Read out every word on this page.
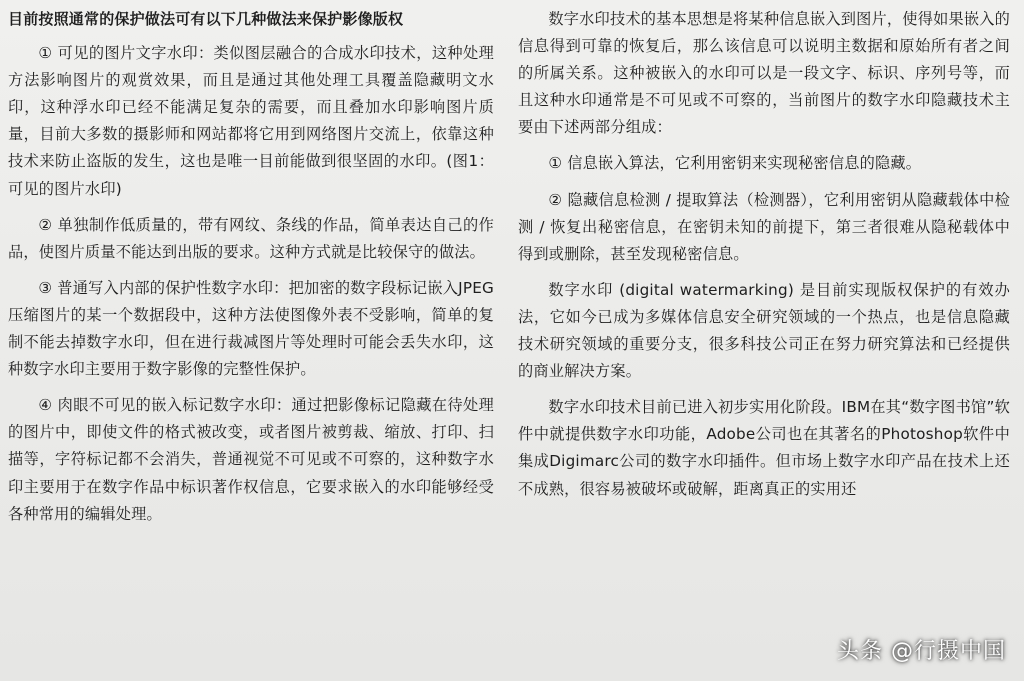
目前按照通常的保护做法可有以下几种做法来保护影像版权

① 可见的图片文字水印：类似图层融合的合成水印技术，这种处理方法影响图片的观赏效果，而且是通过其他处理工具覆盖隐藏明文水印，这种浮水印已经不能满足复杂的需要，而且叠加水印影响图片质量，目前大多数的摄影师和网站都将它用到网络图片交流上，依靠这种技术来防止盗版的发生，这也是唯一目前能做到很坚固的水印。(图1：可见的图片水印)

② 单独制作低质量的，带有网纹、条线的作品，简单表达自己的作品，使图片质量不能达到出版的要求。这种方式就是比较保守的做法。

③ 普通写入内部的保护性数字水印：把加密的数字段标记嵌入JPEG压缩图片的某一个数据段中，这种方法使图像外表不受影响，简单的复制不能去掉数字水印，但在进行裁减图片等处理时可能会丢失水印，这种数字水印主要用于数字影像的完整性保护。

④ 肉眼不可见的嵌入标记数字水印：通过把影像标记隐藏在待处理的图片中，即使文件的格式被改变，或者图片被剪裁、缩放、打印、扫描等，字符标记都不会消失，普通视觉不可见或不可察的，这种数字水印主要用于在数字作品中标识著作权信息，它要求嵌入的水印能够经受各种常用的编辑处理。

数字水印技术的基本思想是将某种信息嵌入到图片，使得如果嵌入的信息得到可靠的恢复后，那么该信息可以说明主数据和原始所有者之间的所属关系。这种被嵌入的水印可以是一段文字、标识、序列号等，而且这种水印通常是不可见或不可察的，当前图片的数字水印隐藏技术主要由下述两部分组成：

① 信息嵌入算法，它利用密钥来实现秘密信息的隐藏。

② 隐藏信息检测 / 提取算法（检测器），它利用密钥从隐藏载体中检测 / 恢复出秘密信息，在密钥未知的前提下，第三者很难从隐秘载体中得到或删除，甚至发现秘密信息。

数字水印 (digital watermarking) 是目前实现版权保护的有效办法，它如今已成为多媒体信息安全研究领域的一个热点，也是信息隐藏技术研究领域的重要分支，很多科技公司正在努力研究算法和已经提供的商业解决方案。

数字水印技术目前已进入初步实用化阶段。IBM在其“数字图书馆”软件中就提供数字水印功能，Adobe公司也在其著名的Photoshop软件中集成Digimarc公司的数字水印插件。但市场上数字水印产品在技术上还不成熟，很容易被破坏或破解，距离真正的实用还

头条 @行摄中国
